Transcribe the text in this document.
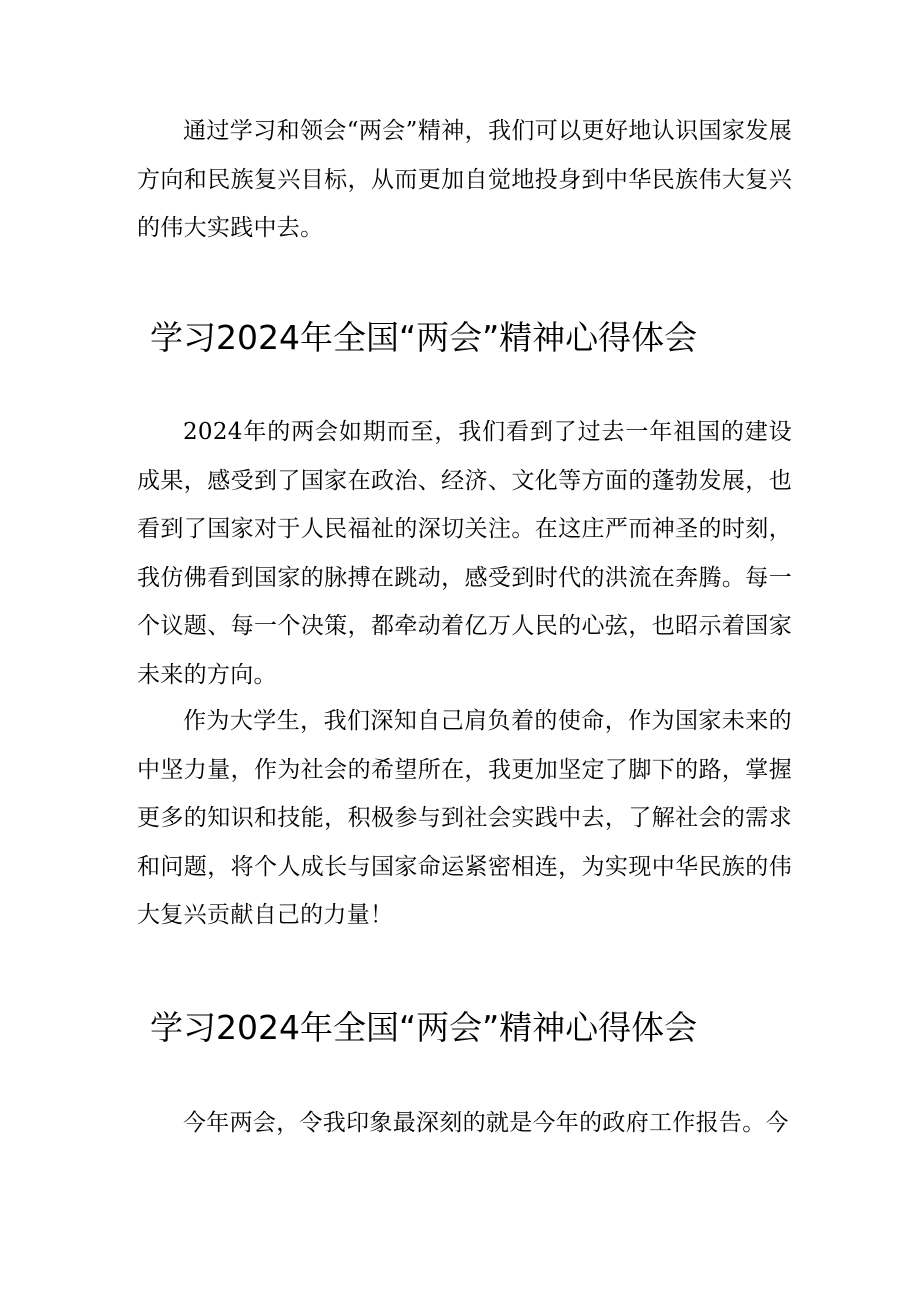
通过学习和领会“两会”精神，我们可以更好地认识国家发展方向和民族复兴目标，从而更加自觉地投身到中华民族伟大复兴的伟大实践中去。

学习2024年全国“两会”精神心得体会

2024年的两会如期而至，我们看到了过去一年祖国的建设成果，感受到了国家在政治、经济、文化等方面的蓬勃发展，也看到了国家对于人民福祉的深切关注。在这庄严而神圣的时刻，我仿佛看到国家的脉搏在跳动，感受到时代的洪流在奔腾。每一个议题、每一个决策，都牵动着亿万人民的心弦，也昭示着国家未来的方向。

作为大学生，我们深知自己肩负着的使命，作为国家未来的中坚力量，作为社会的希望所在，我更加坚定了脚下的路，掌握更多的知识和技能，积极参与到社会实践中去，了解社会的需求和问题，将个人成长与国家命运紧密相连，为实现中华民族的伟大复兴贡献自己的力量！

学习2024年全国“两会”精神心得体会

今年两会，令我印象最深刻的就是今年的政府工作报告。今
